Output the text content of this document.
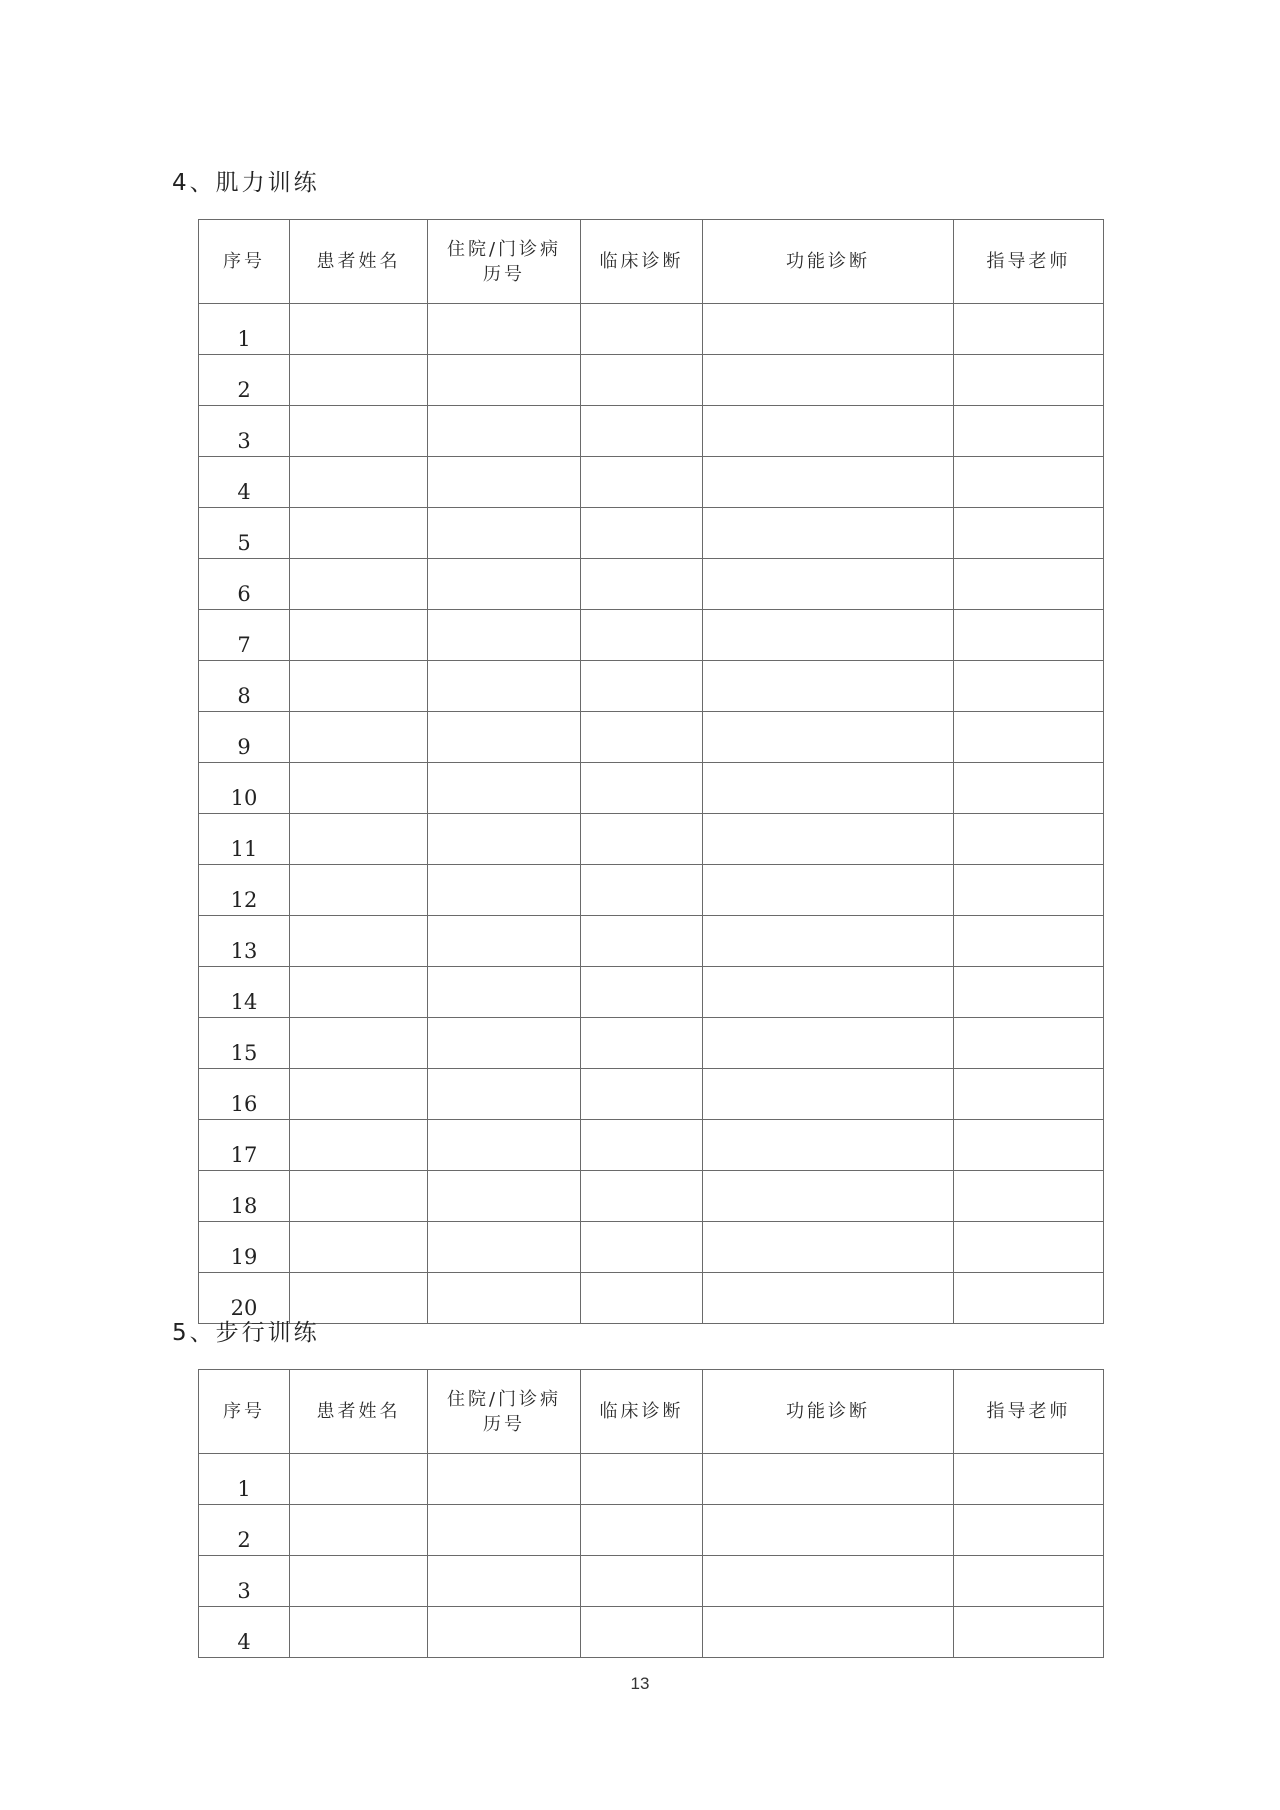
4、肌力训练
序号	患者姓名	住院/门诊病历号	临床诊断	功能诊断	指导老师
1					
2					
3					
4					
5					
6					
7					
8					
9					
10					
11					
12					
13					
14					
15					
16					
17					
18					
19					
20					
5、步行训练
序号	患者姓名	住院/门诊病历号	临床诊断	功能诊断	指导老师
1					
2					
3					
4					
13
